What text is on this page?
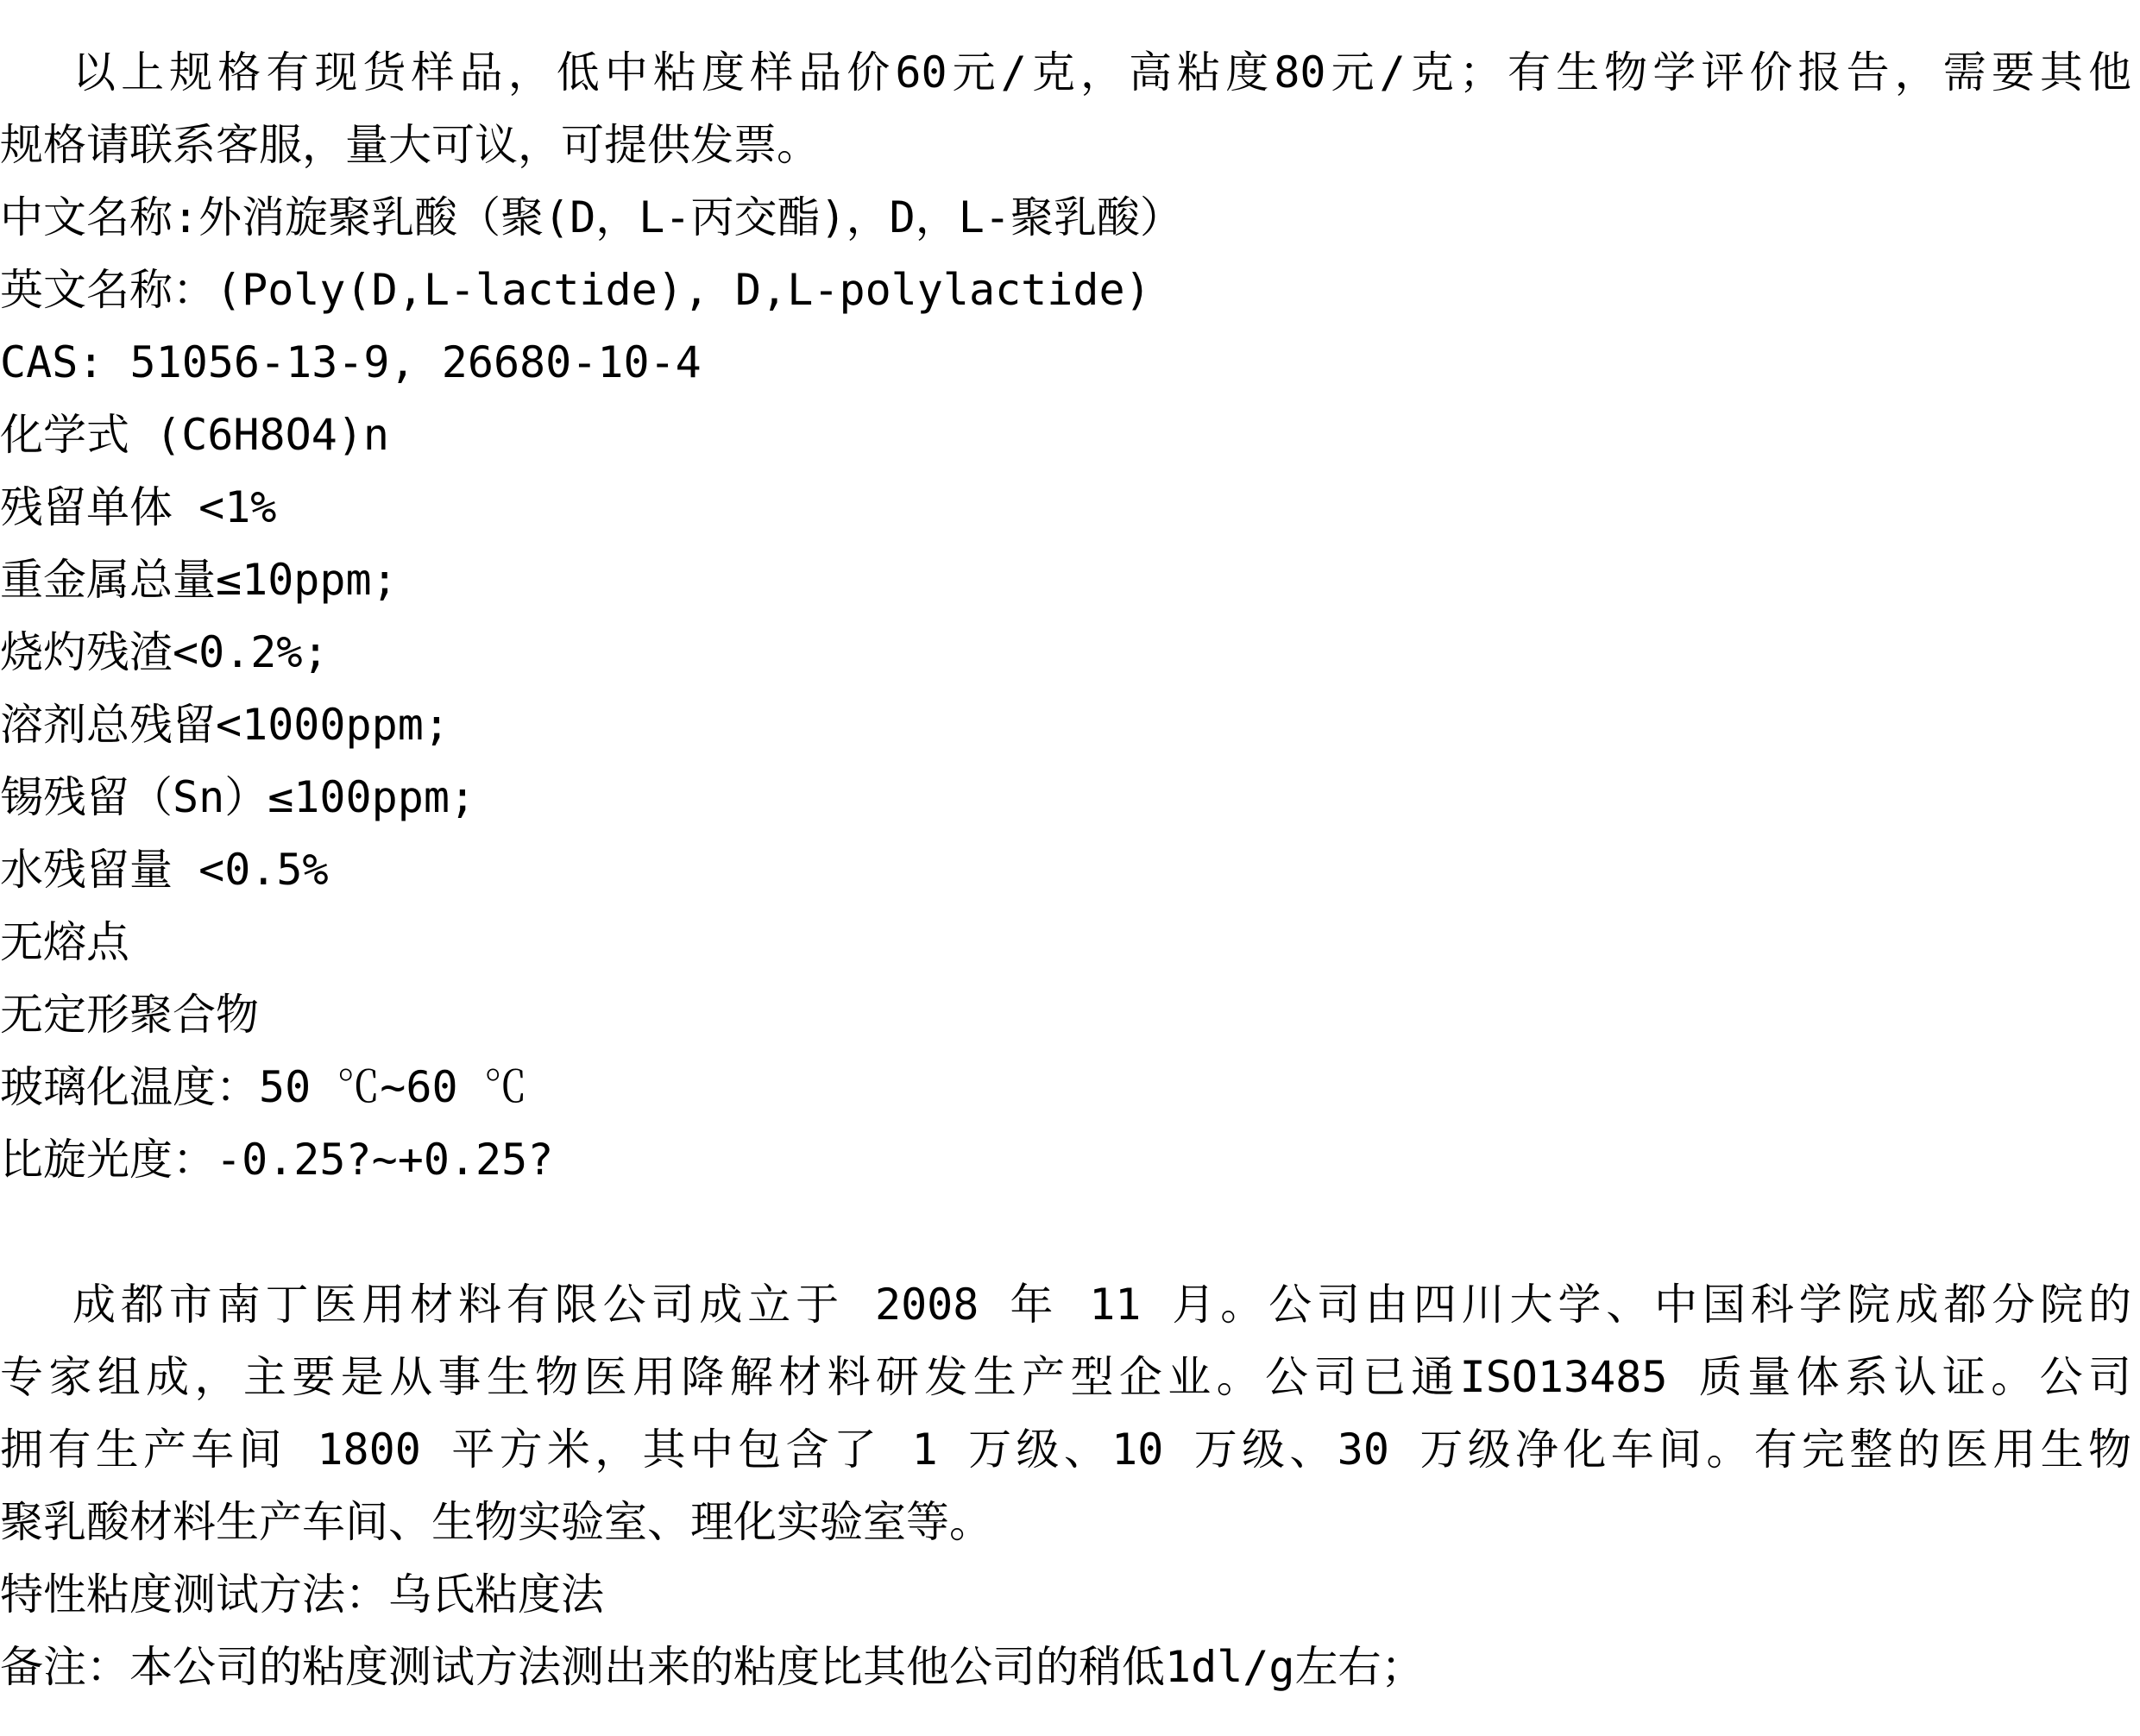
以上规格有现货样品，低中粘度样品价60元/克，高粘度80元/克；有生物学评价报告，需要其他
规格请联系客服，量大可议，可提供发票。
中文名称:外消旋聚乳酸（聚(D，L-丙交酯)，D，L-聚乳酸）
英文名称：(Poly(D,L-lactide), D,L-polylactide)
CAS: 51056-13-9, 26680-10-4
化学式 (C6H8O4)n
残留单体 <1%
重金属总量≤10ppm;
烧灼残渣<0.2%;
溶剂总残留<1000ppm;
锡残留（Sn）≤100ppm;
水残留量 <0.5%
无熔点
无定形聚合物
玻璃化温度：50 ℃~60 ℃
比旋光度：-0.25?~+0.25?
成都市南丁医用材料有限公司成立于 2008 年 11 月。公司由四川大学、中国科学院成都分院的
专家组成，主要是从事生物医用降解材料研发生产型企业。公司已通ISO13485 质量体系认证。公司
拥有生产车间 1800 平方米，其中包含了 1 万级、10 万级、30 万级净化车间。有完整的医用生物
聚乳酸材料生产车间、生物实验室、理化实验室等。
特性粘度测试方法：乌氏粘度法
备注：本公司的粘度测试方法测出来的粘度比其他公司的稍低1dl/g左右；
